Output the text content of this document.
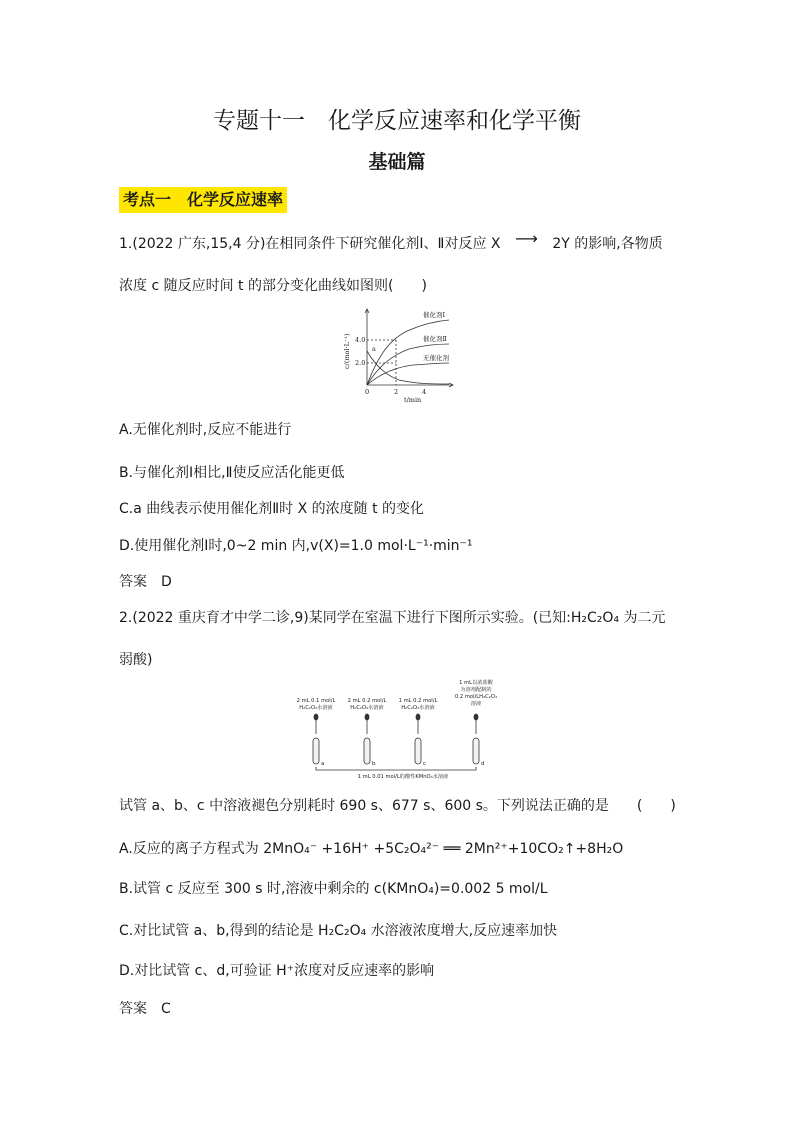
专题十一　化学反应速率和化学平衡
基础篇
考点一　化学反应速率
1.(2022 广东,15,4 分)在相同条件下研究催化剂Ⅰ、Ⅱ对反应 X ⟶ 2Y 的影响,各物质
浓度 c 随反应时间 t 的部分变化曲线如图则(　　)
4.0
2.0
0	2	4
t/min
c/(mol·L⁻¹)
催化剂Ⅰ
催化剂Ⅱ
无催化剂
a
A.无催化剂时,反应不能进行
B.与催化剂Ⅰ相比,Ⅱ使反应活化能更低
C.a 曲线表示使用催化剂Ⅱ时 X 的浓度随 t 的变化
D.使用催化剂Ⅰ时,0~2 min 内,v(X)=1.0 mol·L⁻¹·min⁻¹
答案　D
2.(2022 重庆育才中学二诊,9)某同学在室温下进行下图所示实验。(已知:H₂C₂O₄ 为二元
弱酸)
2 mL 0.1 mol/L
H₂C₂O₄水溶液
2 mL 0.2 mol/L
H₂C₂O₄水溶液
1 mL 0.2 mol/L
H₂C₂O₄水溶液
1 mL以浓盐酸
为溶剂配制的
0.2 mol/LH₂C₂O₄
溶液
1 mL 0.01 mol/L的酸性KMnO₄水溶液
a	b	c	d
试管 a、b、c 中溶液褪色分别耗时 690 s、677 s、600 s。下列说法正确的是　　(　　)
A.反应的离子方程式为 2MnO₄⁻ +16H⁺ +5C₂O₄²⁻ ══ 2Mn²⁺+10CO₂↑+8H₂O
B.试管 c 反应至 300 s 时,溶液中剩余的 c(KMnO₄)=0.002 5 mol/L
C.对比试管 a、b,得到的结论是 H₂C₂O₄ 水溶液浓度增大,反应速率加快
D.对比试管 c、d,可验证 H⁺浓度对反应速率的影响
答案　C
